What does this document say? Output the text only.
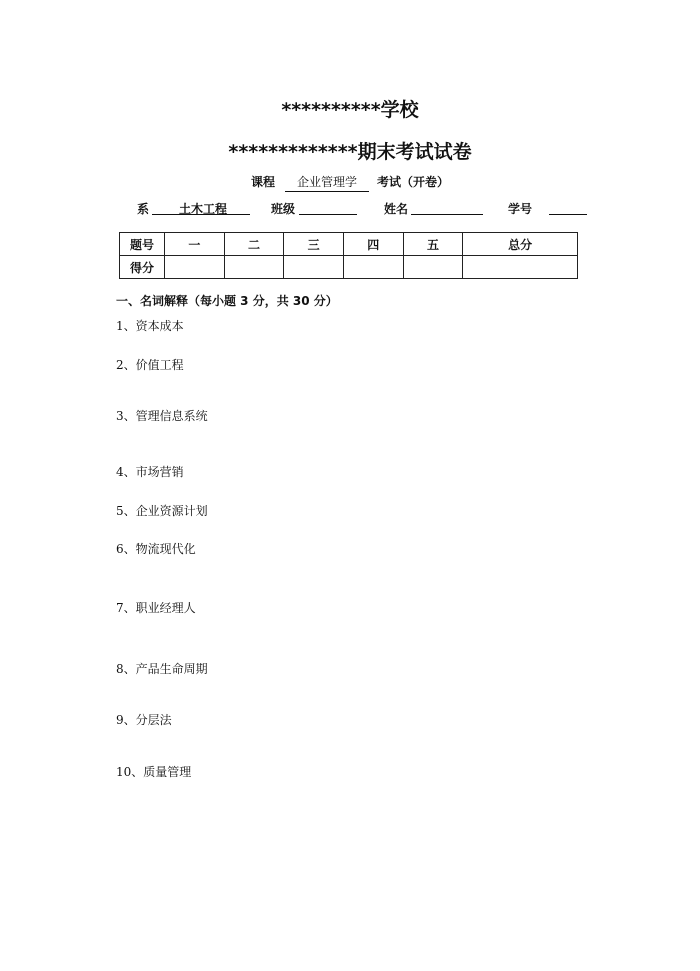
**********学校
*************期末考试试卷
课程 企业管理学 考试（开卷）
系 土木工程	班级	姓名	学号
题号	一	二	三	四	五	总分
得分						
一、名词解释（每小题 3 分，共 30 分）
1、资本成本
2、价值工程
3、管理信息系统
4、市场营销
5、企业资源计划
6、物流现代化
7、职业经理人
8、产品生命周期
9、分层法
10、质量管理
